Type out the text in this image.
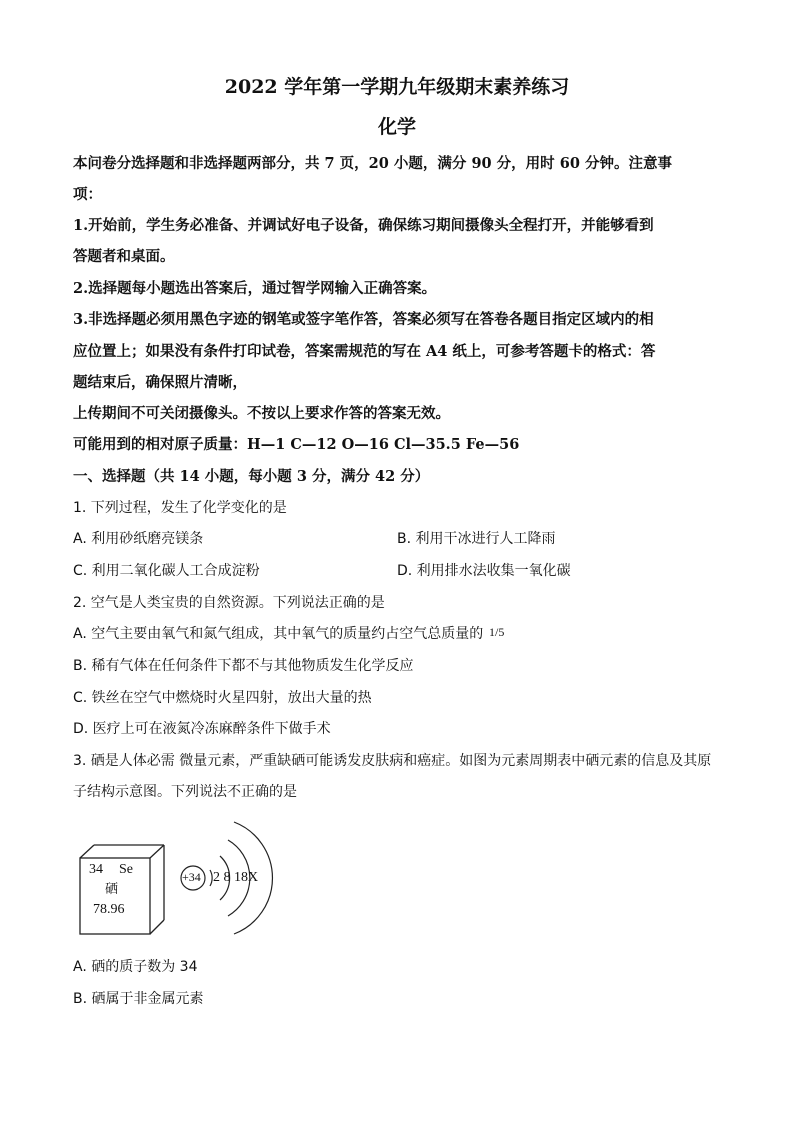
2022 学年第一学期九年级期末素养练习
化学
本问卷分选择题和非选择题两部分，共 7 页，20 小题，满分 90 分，用时 60 分钟。注意事
项：
1.开始前，学生务必准备、并调试好电子设备，确保练习期间摄像头全程打开，并能够看到
答题者和桌面。
2.选择题每小题选出答案后，通过智学网输入正确答案。
3.非选择题必须用黑色字迹的钢笔或签字笔作答，答案必须写在答卷各题目指定区域内的相
应位置上；如果没有条件打印试卷，答案需规范的写在 A4 纸上，可参考答题卡的格式：答
题结束后，确保照片清晰，
上传期间不可关闭摄像头。不按以上要求作答的答案无效。
可能用到的相对原子质量：H—1 C—12 O—16 Cl—35.5 Fe—56
一、选择题（共 14 小题，每小题 3 分，满分 42 分）
1. 下列过程，发生了化学变化的是
A. 利用砂纸磨亮镁条	B. 利用干冰进行人工降雨
C. 利用二氧化碳人工合成淀粉	D. 利用排水法收集一氧化碳
2. 空气是人类宝贵的自然资源。下列说法正确的是
A. 空气主要由氧气和氮气组成，其中氧气的质量约占空气总质量的 1/5
B. 稀有气体在任何条件下都不与其他物质发生化学反应
C. 铁丝在空气中燃烧时火星四射，放出大量的热
D. 医疗上可在液氮冷冻麻醉条件下做手术
3. 硒是人体必需 微量元素，严重缺硒可能诱发皮肤病和癌症。如图为元素周期表中硒元素的信息及其原
子结构示意图。下列说法不正确的是
34 Se
硒
78.96
+34 2 8 18X
A. 硒的质子数为 34
B. 硒属于非金属元素
